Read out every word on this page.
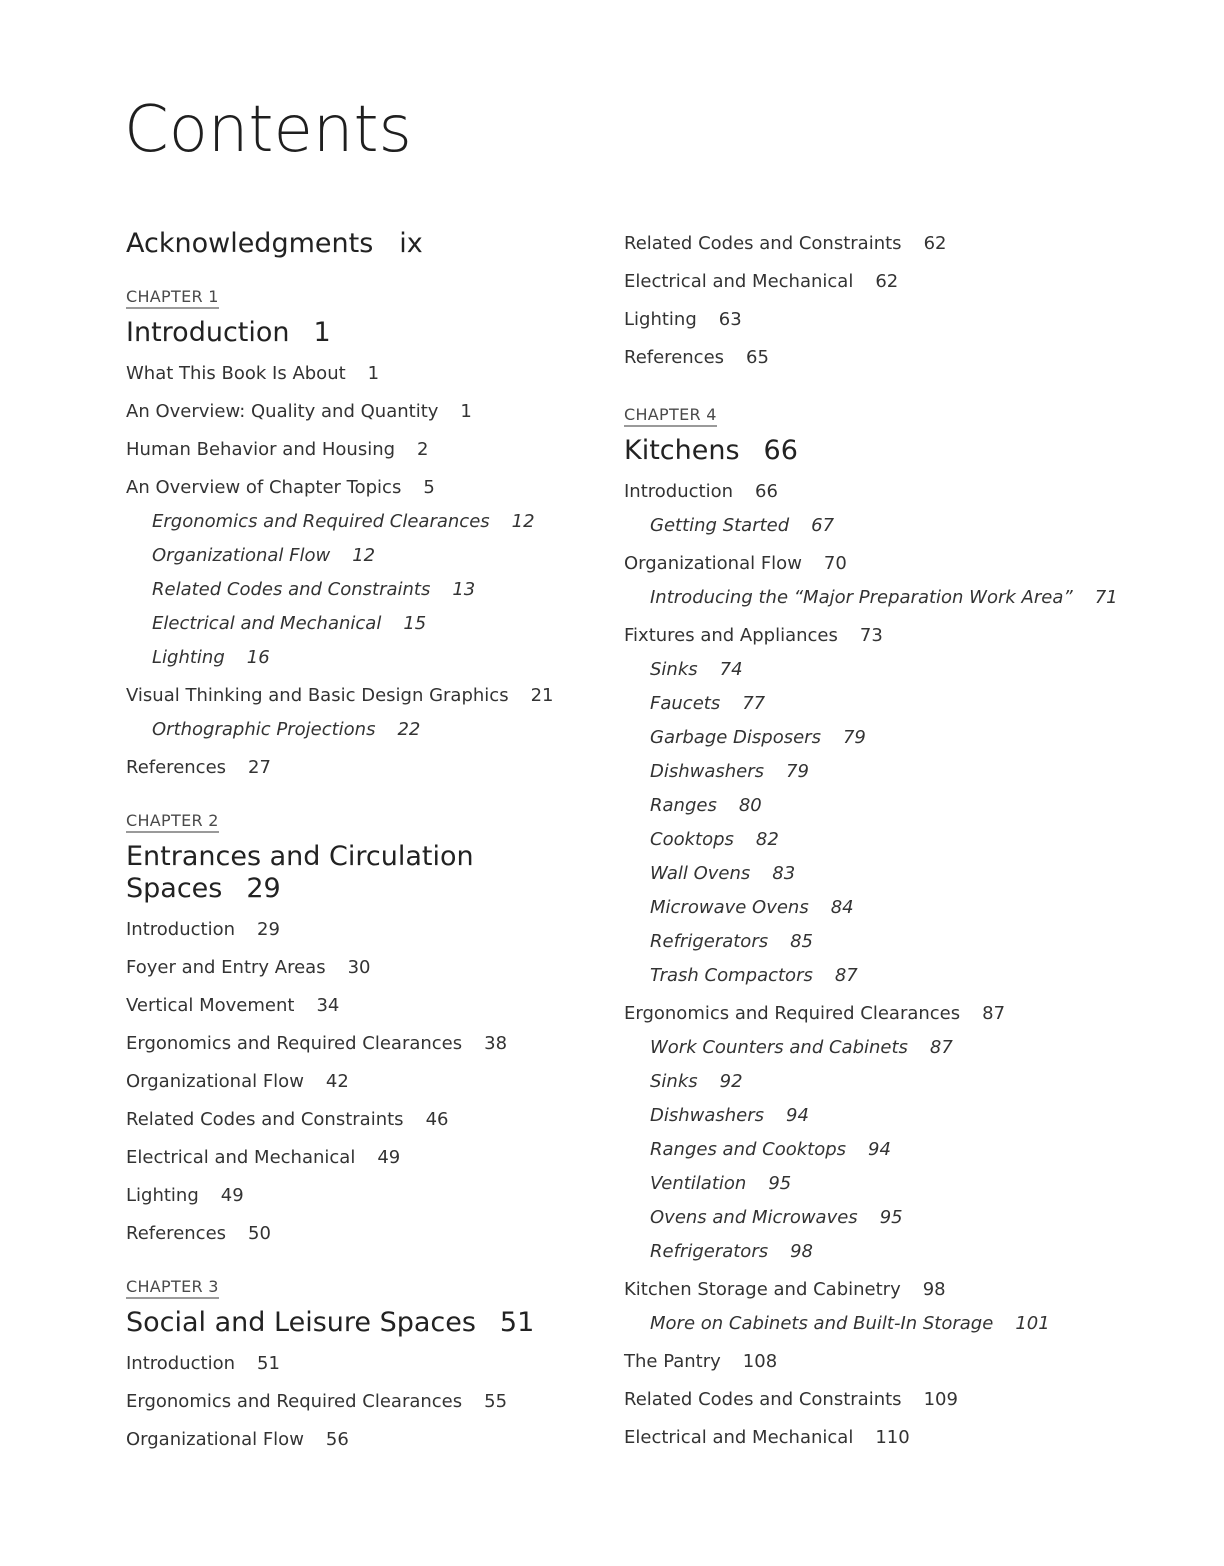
Contents
Acknowledgments ix
CHAPTER 1
Introduction 1
What This Book Is About 1
An Overview: Quality and Quantity 1
Human Behavior and Housing 2
An Overview of Chapter Topics 5
Ergonomics and Required Clearances 12
Organizational Flow 12
Related Codes and Constraints 13
Electrical and Mechanical 15
Lighting 16
Visual Thinking and Basic Design Graphics 21
Orthographic Projections 22
References 27
CHAPTER 2
Entrances and Circulation Spaces 29
Introduction 29
Foyer and Entry Areas 30
Vertical Movement 34
Ergonomics and Required Clearances 38
Organizational Flow 42
Related Codes and Constraints 46
Electrical and Mechanical 49
Lighting 49
References 50
CHAPTER 3
Social and Leisure Spaces 51
Introduction 51
Ergonomics and Required Clearances 55
Organizational Flow 56
Related Codes and Constraints 62
Electrical and Mechanical 62
Lighting 63
References 65
CHAPTER 4
Kitchens 66
Introduction 66
Getting Started 67
Organizational Flow 70
Introducing the “Major Preparation Work Area” 71
Fixtures and Appliances 73
Sinks 74
Faucets 77
Garbage Disposers 79
Dishwashers 79
Ranges 80
Cooktops 82
Wall Ovens 83
Microwave Ovens 84
Refrigerators 85
Trash Compactors 87
Ergonomics and Required Clearances 87
Work Counters and Cabinets 87
Sinks 92
Dishwashers 94
Ranges and Cooktops 94
Ventilation 95
Ovens and Microwaves 95
Refrigerators 98
Kitchen Storage and Cabinetry 98
More on Cabinets and Built-In Storage 101
The Pantry 108
Related Codes and Constraints 109
Electrical and Mechanical 110
